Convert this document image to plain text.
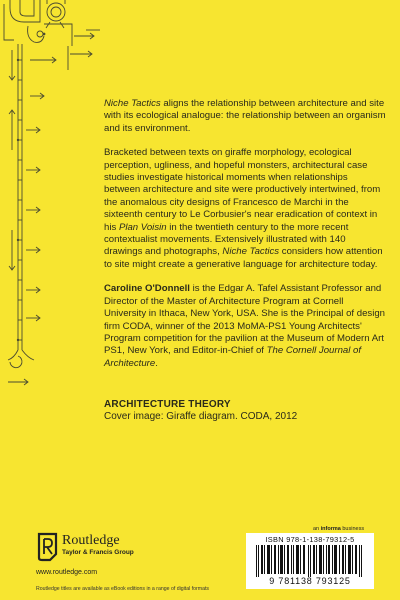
Niche Tactics aligns the relationship between architecture and site with its ecological analogue: the relationship between an organism and its environment.

Bracketed between texts on giraffe morphology, ecological perception, ugliness, and hopeful monsters, architectural case studies investigate historical moments when relationships between architecture and site were productively intertwined, from the anomalous city designs of Francesco de Marchi in the sixteenth century to Le Corbusier's near eradication of context in his Plan Voisin in the twentieth century to the more recent contextualist movements. Extensively illustrated with 140 drawings and photographs, Niche Tactics considers how attention to site might create a generative language for architecture today.

Caroline O'Donnell is the Edgar A. Tafel Assistant Professor and Director of the Master of Architecture Program at Cornell University in Ithaca, New York, USA. She is the Principal of design firm CODA, winner of the 2013 MoMA-PS1 Young Architects' Program competition for the pavilion at the Museum of Modern Art PS1, New York, and Editor-in-Chief of The Cornell Journal of Architecture.

ARCHITECTURE THEORY
Cover image: Giraffe diagram. CODA, 2012
Routledge
Taylor & Francis Group
www.routledge.com
Routledge titles are available as eBook editions in a range of digital formats
an informa business
ISBN 978-1-138-79312-5
9 781138 793125
